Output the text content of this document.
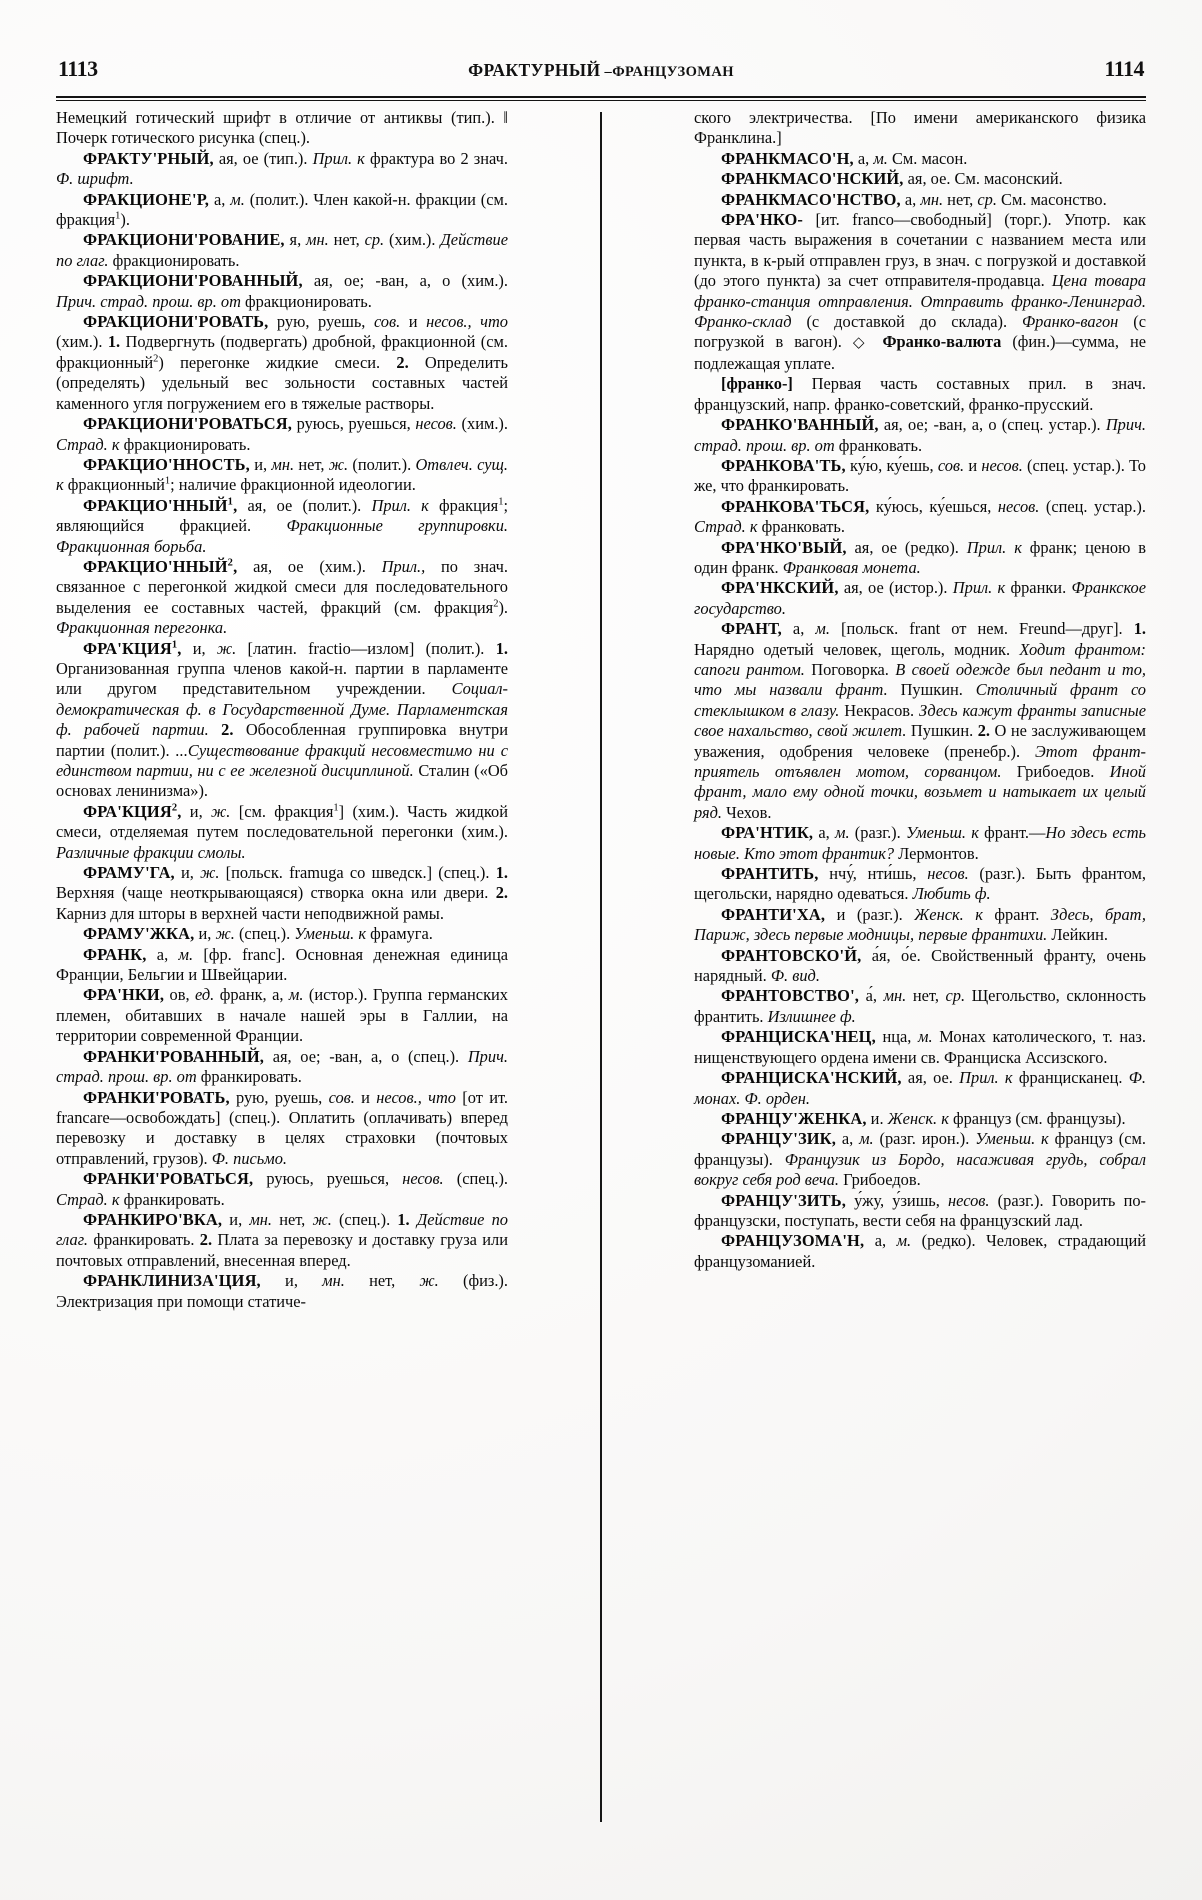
1113	ФРАКТУРНЫЙ –ФРАНЦУЗОМАН	1114

Немецкий готический шрифт в отличие от антиквы (тип.). ‖ Почерк готического рисунка (спец.).

ФРАКТУ'РНЫЙ, ая, ое (тип.). Прил. к фрактура во 2 знач. Ф. шрифт.

ФРАКЦИОНЕ'Р, а, м. (полит.). Член какой-н. фракции (см. фракция$^1$).

ФРАКЦИОНИ'РОВАНИЕ, я, мн. нет, ср. (хим.). Действие по глаг. фракционировать.

ФРАКЦИОНИ'РОВАННЫЙ, ая, ое; -ван, а, о (хим.). Прич. страд. прош. вр. от фракционировать.

ФРАКЦИОНИ'РОВАТЬ, рую, руешь, сов. и несов., что (хим.). 1. Подвергнуть (подвергать) дробной, фракционной (см. фракционный$^2$) перегонке жидкие смеси. 2. Определить (определять) удельный вес зольности составных частей каменного угля погружением его в тяжелые растворы.

ФРАКЦИОНИ'РОВАТЬСЯ, руюсь, руешься, несов. (хим.). Страд. к фракционировать.

ФРАКЦИО'ННОСТЬ, и, мн. нет, ж. (полит.). Отвлеч. сущ. к фракционный$^1$; наличие фракционной идеологии.

ФРАКЦИО'ННЫЙ$^1$, ая, ое (полит.). Прил. к фракция$^1$; являющийся фракцией. Фракционные группировки. Фракционная борьба.

ФРАКЦИО'ННЫЙ$^2$, ая, ое (хим.). Прил., по знач. связанное с перегонкой жидкой смеси для последовательного выделения ее составных частей, фракций (см. фракция$^2$). Фракционная перегонка.

ФРА'КЦИЯ$^1$, и, ж. [латин. fractio—излом] (полит.). 1. Организованная группа членов какой-н. партии в парламенте или другом представительном учреждении. Социал-демократическая ф. в Государственной Думе. Парламентская ф. рабочей партии. 2. Обособленная группировка внутри партии (полит.). ...Существование фракций несовместимо ни с единством партии, ни с ее железной дисциплиной. Сталин («Об основах ленинизма»).

ФРА'КЦИЯ$^2$, и, ж. [см. фракция$^1$] (хим.). Часть жидкой смеси, отделяемая путем последовательной перегонки (хим.). Различные фракции смолы.

ФРАМУ'ГА, и, ж. [польск. framuga со шведск.] (спец.). 1. Верхняя (чаще неоткрывающаяся) створка окна или двери. 2. Карниз для шторы в верхней части неподвижной рамы.

ФРАМУ'ЖКА, и, ж. (спец.). Уменьш. к фрамуга.

ФРАНК, а, м. [фр. franc]. Основная денежная единица Франции, Бельгии и Швейцарии.

ФРА'НКИ, ов, ед. франк, а, м. (истор.). Группа германских племен, обитавших в начале нашей эры в Галлии, на территории современной Франции.

ФРАНКИ'РОВАННЫЙ, ая, ое; -ван, а, о (спец.). Прич. страд. прош. вр. от франкировать.

ФРАНКИ'РОВАТЬ, рую, руешь, сов. и несов., что [от ит. francare—освобождать] (спец.). Оплатить (оплачивать) вперед перевозку и доставку в целях страховки (почтовых отправлений, грузов). Ф. письмо.

ФРАНКИ'РОВАТЬСЯ, руюсь, руешься, несов. (спец.). Страд. к франкировать.

ФРАНКИРО'ВКА, и, мн. нет, ж. (спец.). 1. Действие по глаг. франкировать. 2. Плата за перевозку и доставку груза или почтовых отправлений, внесенная вперед.

ФРАНКЛИНИЗА'ЦИЯ, и, мн. нет, ж. (физ.). Электризация при помощи статиче-

ского электричества. [По имени американского физика Франклина.]

ФРАНКМАСО'Н, а, м. См. масон.

ФРАНКМАСО'НСКИЙ, ая, ое. См. масонский.

ФРАНКМАСО'НСТВО, а, мн. нет, ср. См. масонство.

ФРА'НКО- [ит. franco—свободный] (торг.). Употр. как первая часть выражения в сочетании с названием места или пункта, в к-рый отправлен груз, в знач. с погрузкой и доставкой (до этого пункта) за счет отправителя-продавца. Цена товара франко-станция отправления. Отправить франко-Ленинград. Франко-склад (с доставкой до склада). Франко-вагон (с погрузкой в вагон). ◇ Франко-валюта (фин.)—сумма, не подлежащая уплате.

[франко-] Первая часть составных прил. в знач. французский, напр. франко-советский, франко-прусский.

ФРАНКО'ВАННЫЙ, ая, ое; -ван, а, о (спец. устар.). Прич. страд. прош. вр. от франковать.

ФРАНКОВА'ТЬ, ку́ю, ку́ешь, сов. и несов. (спец. устар.). То же, что франкировать.

ФРАНКОВА'ТЬСЯ, ку́юсь, ку́ешься, несов. (спец. устар.). Страд. к франковать.

ФРА'НКО'ВЫЙ, ая, ое (редко). Прил. к франк; ценою в один франк. Франковая монета.

ФРА'НКСКИЙ, ая, ое (истор.). Прил. к франки. Франкское государство.

ФРАНТ, а, м. [польск. frant от нем. Freund—друг]. 1. Нарядно одетый человек, щеголь, модник. Ходит франтом: сапоги рантом. Поговорка. В своей одежде был педант и то, что мы назвали франт. Пушкин. Столичный франт со стеклышком в глазу. Некрасов. Здесь кажут франты записные свое нахальство, свой жилет. Пушкин. 2. О не заслуживающем уважения, одобрения человеке (пренебр.). Этот франт-приятель отъявлен мотом, сорванцом. Грибоедов. Иной франт, мало ему одной точки, возьмет и натыкает их целый ряд. Чехов.

ФРА'НТИК, а, м. (разг.). Уменьш. к франт.—Но здесь есть новые. Кто этот франтик? Лермонтов.

ФРАНТИТЬ, нчу́, нти́шь, несов. (разг.). Быть франтом, щегольски, нарядно одеваться. Любить ф.

ФРАНТИ'ХА, и (разг.). Женск. к франт. Здесь, брат, Париж, здесь первые модницы, первые франтихи. Лейкин.

ФРАНТОВСКО'Й, а́я, о́е. Свойственный франту, очень нарядный. Ф. вид.

ФРАНТОВСТВО', а́, мн. нет, ср. Щегольство, склонность франтить. Излишнее ф.

ФРАНЦИСКА'НЕЦ, нца, м. Монах католического, т. наз. нищенствующего ордена имени св. Франциска Ассизского.

ФРАНЦИСКА'НСКИЙ, ая, ое. Прил. к францисканец. Ф. монах. Ф. орден.

ФРАНЦУ'ЖЕНКА, и. Женск. к француз (см. французы).

ФРАНЦУ'ЗИК, а, м. (разг. ирон.). Уменьш. к француз (см. французы). Французик из Бордо, насаживая грудь, собрал вокруг себя род веча. Грибоедов.

ФРАНЦУ'ЗИТЬ, у́жу, у́зишь, несов. (разг.). Говорить по-французски, поступать, вести себя на французский лад.

ФРАНЦУЗОМА'Н, а, м. (редко). Человек, страдающий французоманией.
